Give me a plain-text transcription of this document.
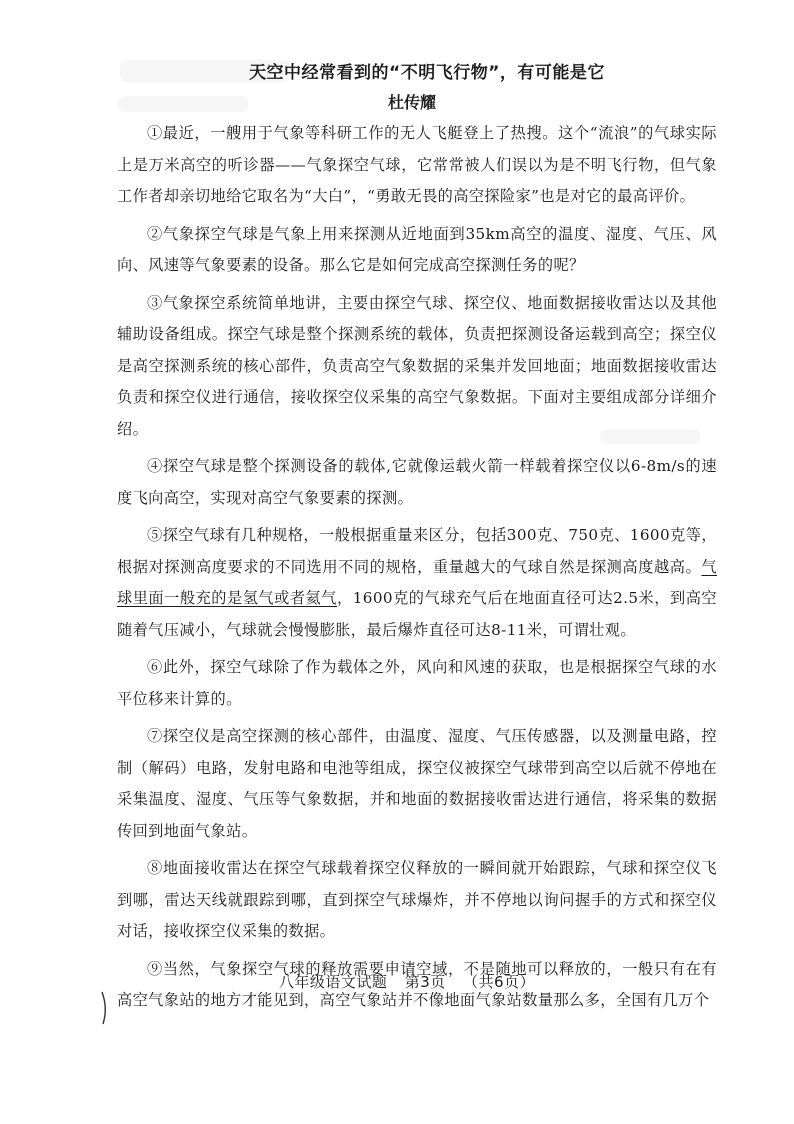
天空中经常看到的“不明飞行物”，有可能是它
杜传耀

①最近，一艘用于气象等科研工作的无人飞艇登上了热搜。这个“流浪”的气球实际上是万米高空的听诊器——气象探空气球，它常常被人们误以为是不明飞行物，但气象工作者却亲切地给它取名为“大白”，“勇敢无畏的高空探险家”也是对它的最高评价。

②气象探空气球是气象上用来探测从近地面到35km高空的温度、湿度、气压、风向、风速等气象要素的设备。那么它是如何完成高空探测任务的呢？

③气象探空系统简单地讲，主要由探空气球、探空仪、地面数据接收雷达以及其他辅助设备组成。探空气球是整个探测系统的载体，负责把探测设备运载到高空；探空仪是高空探测系统的核心部件，负责高空气象数据的采集并发回地面；地面数据接收雷达负责和探空仪进行通信，接收探空仪采集的高空气象数据。下面对主要组成部分详细介绍。

④探空气球是整个探测设备的载体,它就像运载火箭一样载着探空仪以6-8m/s的速度飞向高空，实现对高空气象要素的探测。

⑤探空气球有几种规格，一般根据重量来区分，包括300克、750克、1600克等，根据对探测高度要求的不同选用不同的规格，重量越大的气球自然是探测高度越高。气球里面一般充的是氢气或者氦气，1600克的气球充气后在地面直径可达2.5米，到高空随着气压减小，气球就会慢慢膨胀，最后爆炸直径可达8-11米，可谓壮观。

⑥此外，探空气球除了作为载体之外，风向和风速的获取，也是根据探空气球的水平位移来计算的。

⑦探空仪是高空探测的核心部件，由温度、湿度、气压传感器，以及测量电路，控制（解码）电路，发射电路和电池等组成，探空仪被探空气球带到高空以后就不停地在采集温度、湿度、气压等气象数据，并和地面的数据接收雷达进行通信，将采集的数据传回到地面气象站。

⑧地面接收雷达在探空气球载着探空仪释放的一瞬间就开始跟踪，气球和探空仪飞到哪，雷达天线就跟踪到哪，直到探空气球爆炸，并不停地以询问握手的方式和探空仪对话，接收探空仪采集的数据。

⑨当然，气象探空气球的释放需要申请空域，不是随地可以释放的，一般只有在有高空气象站的地方才能见到，高空气象站并不像地面气象站数量那么多，全国有几万个

八年级语文试题 第3页 （共6页）
